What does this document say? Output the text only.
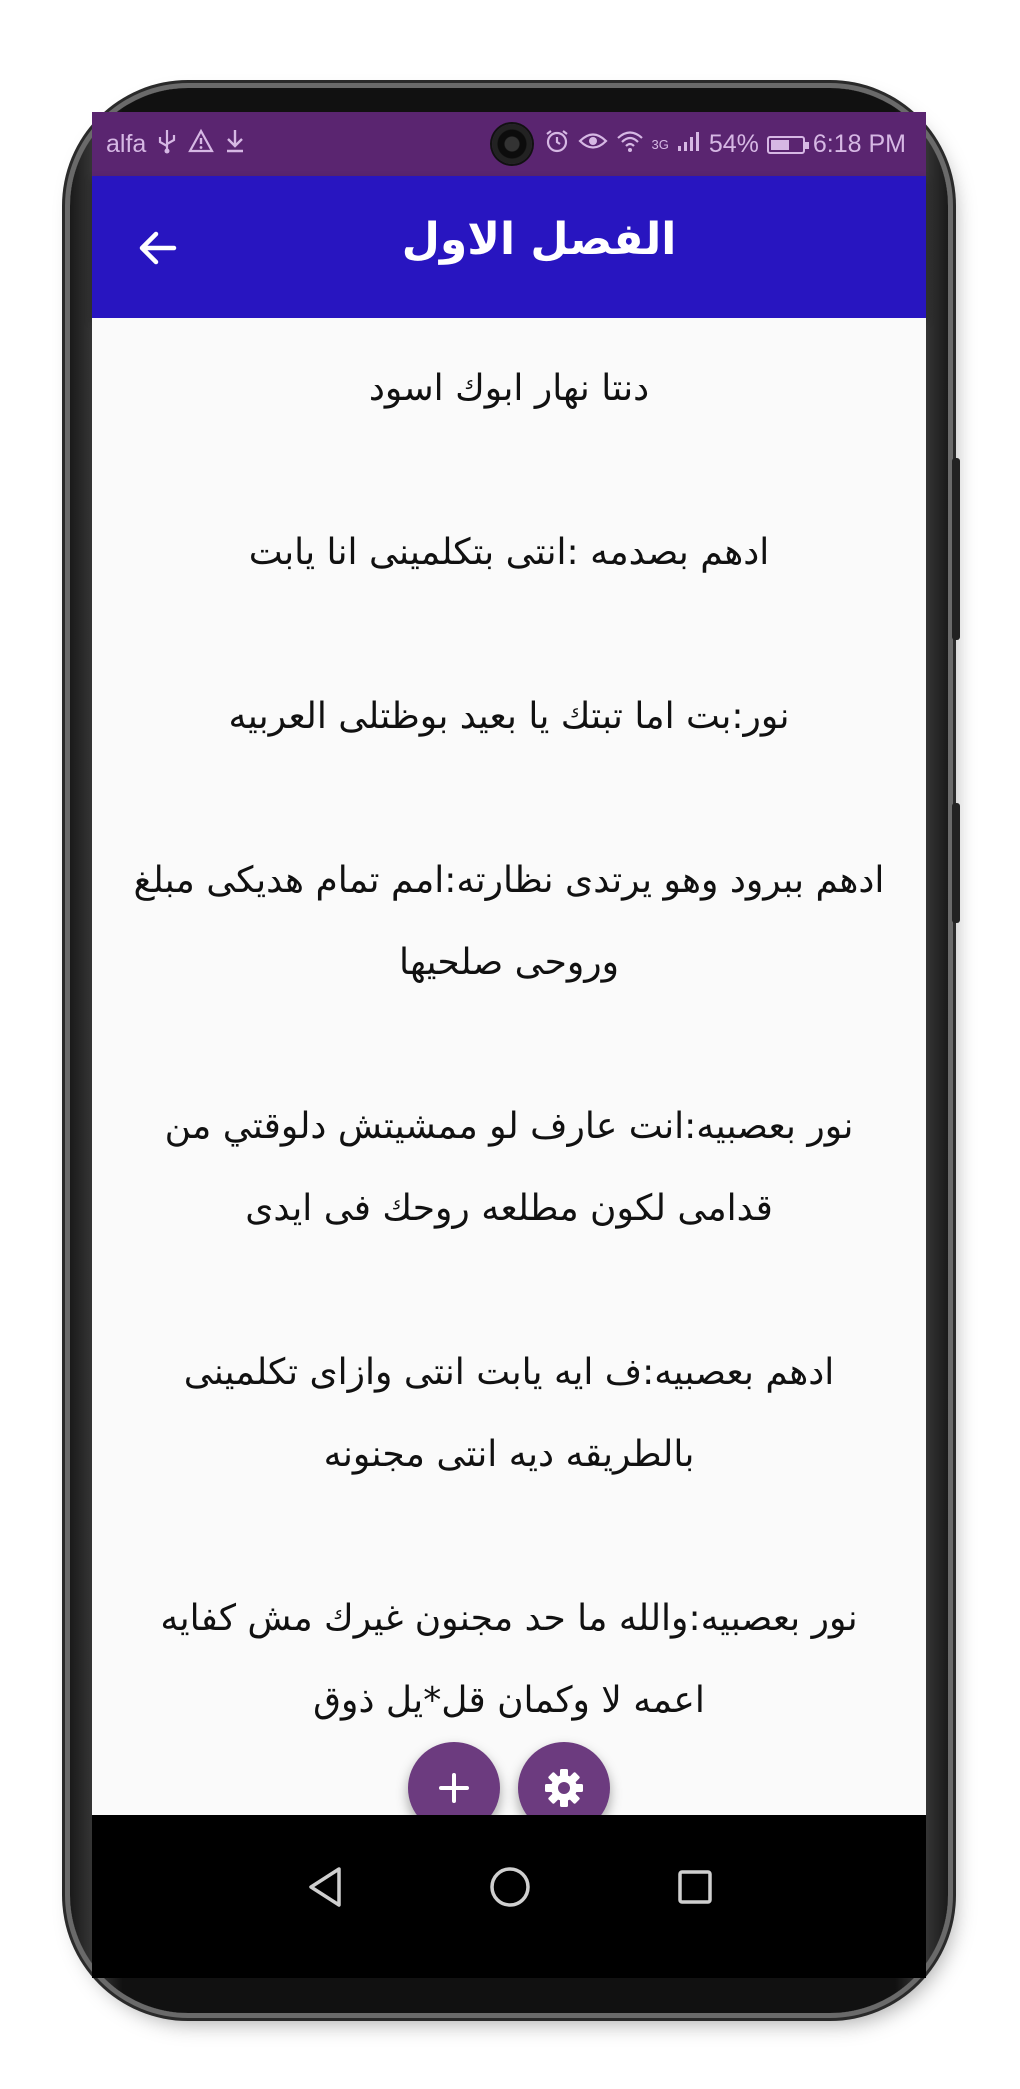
alfa	3G 54% 6:18 PM
الفصل الاول

دنتا نهار ابوك اسود

ادهم بصدمه :انتى بتكلمينى انا يابت

نور:بت اما تبتك يا بعيد بوظتلى العربيه

ادهم ببرود وهو يرتدى نظارته:امم تمام هديكى مبلغ وروحى صلحيها

نور بعصبيه:انت عارف لو ممشيتش دلوقتي من قدامى لكون مطلعه روحك فى ايدى

ادهم بعصبيه:ف ايه يابت انتى وازاى تكلمينى بالطريقه ديه انتى مجنونه

نور بعصبيه:والله ما حد مجنون غيرك مش كفايه اعمه لا وكمان قل*يل ذوق
